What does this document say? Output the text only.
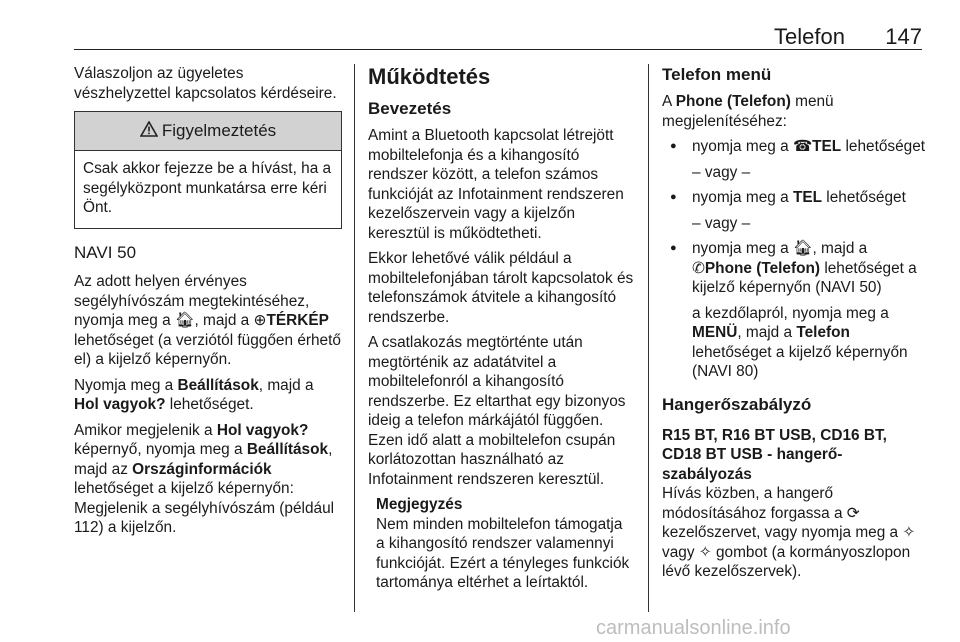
Telefon 147

Válaszoljon az ügyeletes vészhelyzettel kapcsolatos kérdéseire.

Figyelmeztetés
Csak akkor fejezze be a hívást, ha a segélyközpont munkatársa erre kéri Önt.
NAVI 50

Az adott helyen érvényes segélyhívószám megtekintéséhez, nyomja meg a 🏠︎, majd a ⊕TÉRKÉP lehetőséget (a verziótól függően érhető el) a kijelző képernyőn.

Nyomja meg a Beállítások, majd a Hol vagyok? lehetőséget.

Amikor megjelenik a Hol vagyok? képernyő, nyomja meg a Beállítások, majd az Országinformációk lehetőséget a kijelző képernyőn: Megjelenik a segélyhívószám (például 112) a kijelzőn.

Működtetés
Bevezetés

Amint a Bluetooth kapcsolat létrejött mobiltelefonja és a kihangosító rendszer között, a telefon számos funkcióját az Infotainment rendszeren kezelőszervein vagy a kijelzőn keresztül is működtetheti.

Ekkor lehetővé válik például a mobiltelefonjában tárolt kapcsolatok és telefonszámok átvitele a kihangosító rendszerbe.

A csatlakozás megtörténte után megtörténik az adatátvitel a mobiltelefonról a kihangosító rendszerbe. Ez eltarthat egy bizonyos ideig a telefon márkájától függően. Ezen idő alatt a mobiltelefon csupán korlátozottan használható az Infotainment rendszeren keresztül.

Megjegyzés
Nem minden mobiltelefon támogatja a kihangosító rendszer valamennyi funkcióját. Ezért a tényleges funkciók tartománya eltérhet a leírtaktól.
Telefon menü

A Phone (Telefon) menü megjelenítéséhez:

● nyomja meg a ☎︎TEL lehetőséget

– vagy –

● nyomja meg a TEL lehetőséget

– vagy –

● nyomja meg a 🏠︎, majd a
✆Phone (Telefon) lehetőséget a kijelző képernyőn (NAVI 50)
a kezdőlapról, nyomja meg a MENÜ, majd a Telefon lehetőséget a kijelző képernyőn (NAVI 80)
Hangerőszabályzó
R15 BT, R16 BT USB, CD16 BT, CD18 BT USB - hangerő-szabályozás

Hívás közben, a hangerő módosításához forgassa a ⟳ kezelőszervet, vagy nyomja meg a ✧ vagy ✧ gombot (a kormányoszlopon lévő kezelőszervek).

carmanualsonline.info
